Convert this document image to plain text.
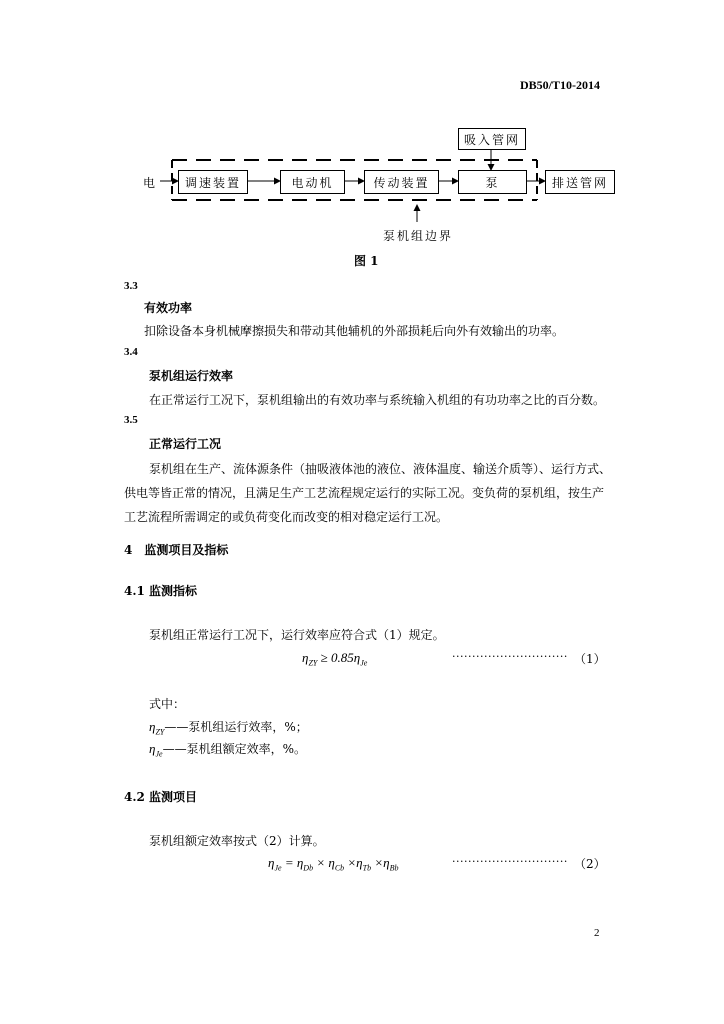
DB50/T10-2014
电
吸入管网
调速装置	电动机	传动装置	泵	排送管网
泵机组边界
图 1
3.3
有效功率
扣除设备本身机械摩擦损失和带动其他辅机的外部损耗后向外有效输出的功率。
3.4
泵机组运行效率
在正常运行工况下，泵机组输出的有效功率与系统输入机组的有功功率之比的百分数。
3.5
正常运行工况
泵机组在生产、流体源条件（抽吸液体池的液位、液体温度、输送介质等）、运行方式、
供电等皆正常的情况，且满足生产工艺流程规定运行的实际工况。变负荷的泵机组，按生产
工艺流程所需调定的或负荷变化而改变的相对稳定运行工况。
4　监测项目及指标
4.1 监测指标
泵机组正常运行工况下，运行效率应符合式（1）规定。
$\eta_{ZY} \ge 0.85\eta_{Je}$
····························· （1）
式中：
$\eta_{ZY}——$泵机组运行效率，%；
$\eta_{Je}——$泵机组额定效率，%。
4.2 监测项目
泵机组额定效率按式（2）计算。
$\eta_{Je} = \eta_{Db} \times \eta_{Cb} \times\eta_{Tb} \times\eta_{Bb}$
····························· （2）
2
